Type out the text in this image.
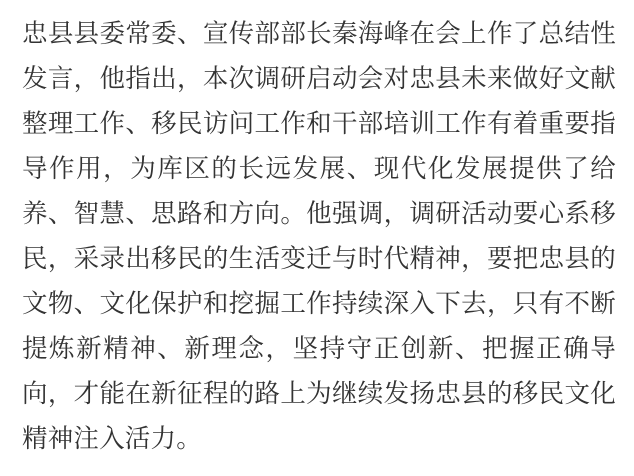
忠县县委常委、宣传部部长秦海峰在会上作了总结性发言，他指出，本次调研启动会对忠县未来做好文献整理工作、移民访问工作和干部培训工作有着重要指导作用，为库区的长远发展、现代化发展提供了给养、智慧、思路和方向。他强调，调研活动要心系移民，采录出移民的生活变迁与时代精神，要把忠县的文物、文化保护和挖掘工作持续深入下去，只有不断提炼新精神、新理念，坚持守正创新、把握正确导向，才能在新征程的路上为继续发扬忠县的移民文化精神注入活力。
